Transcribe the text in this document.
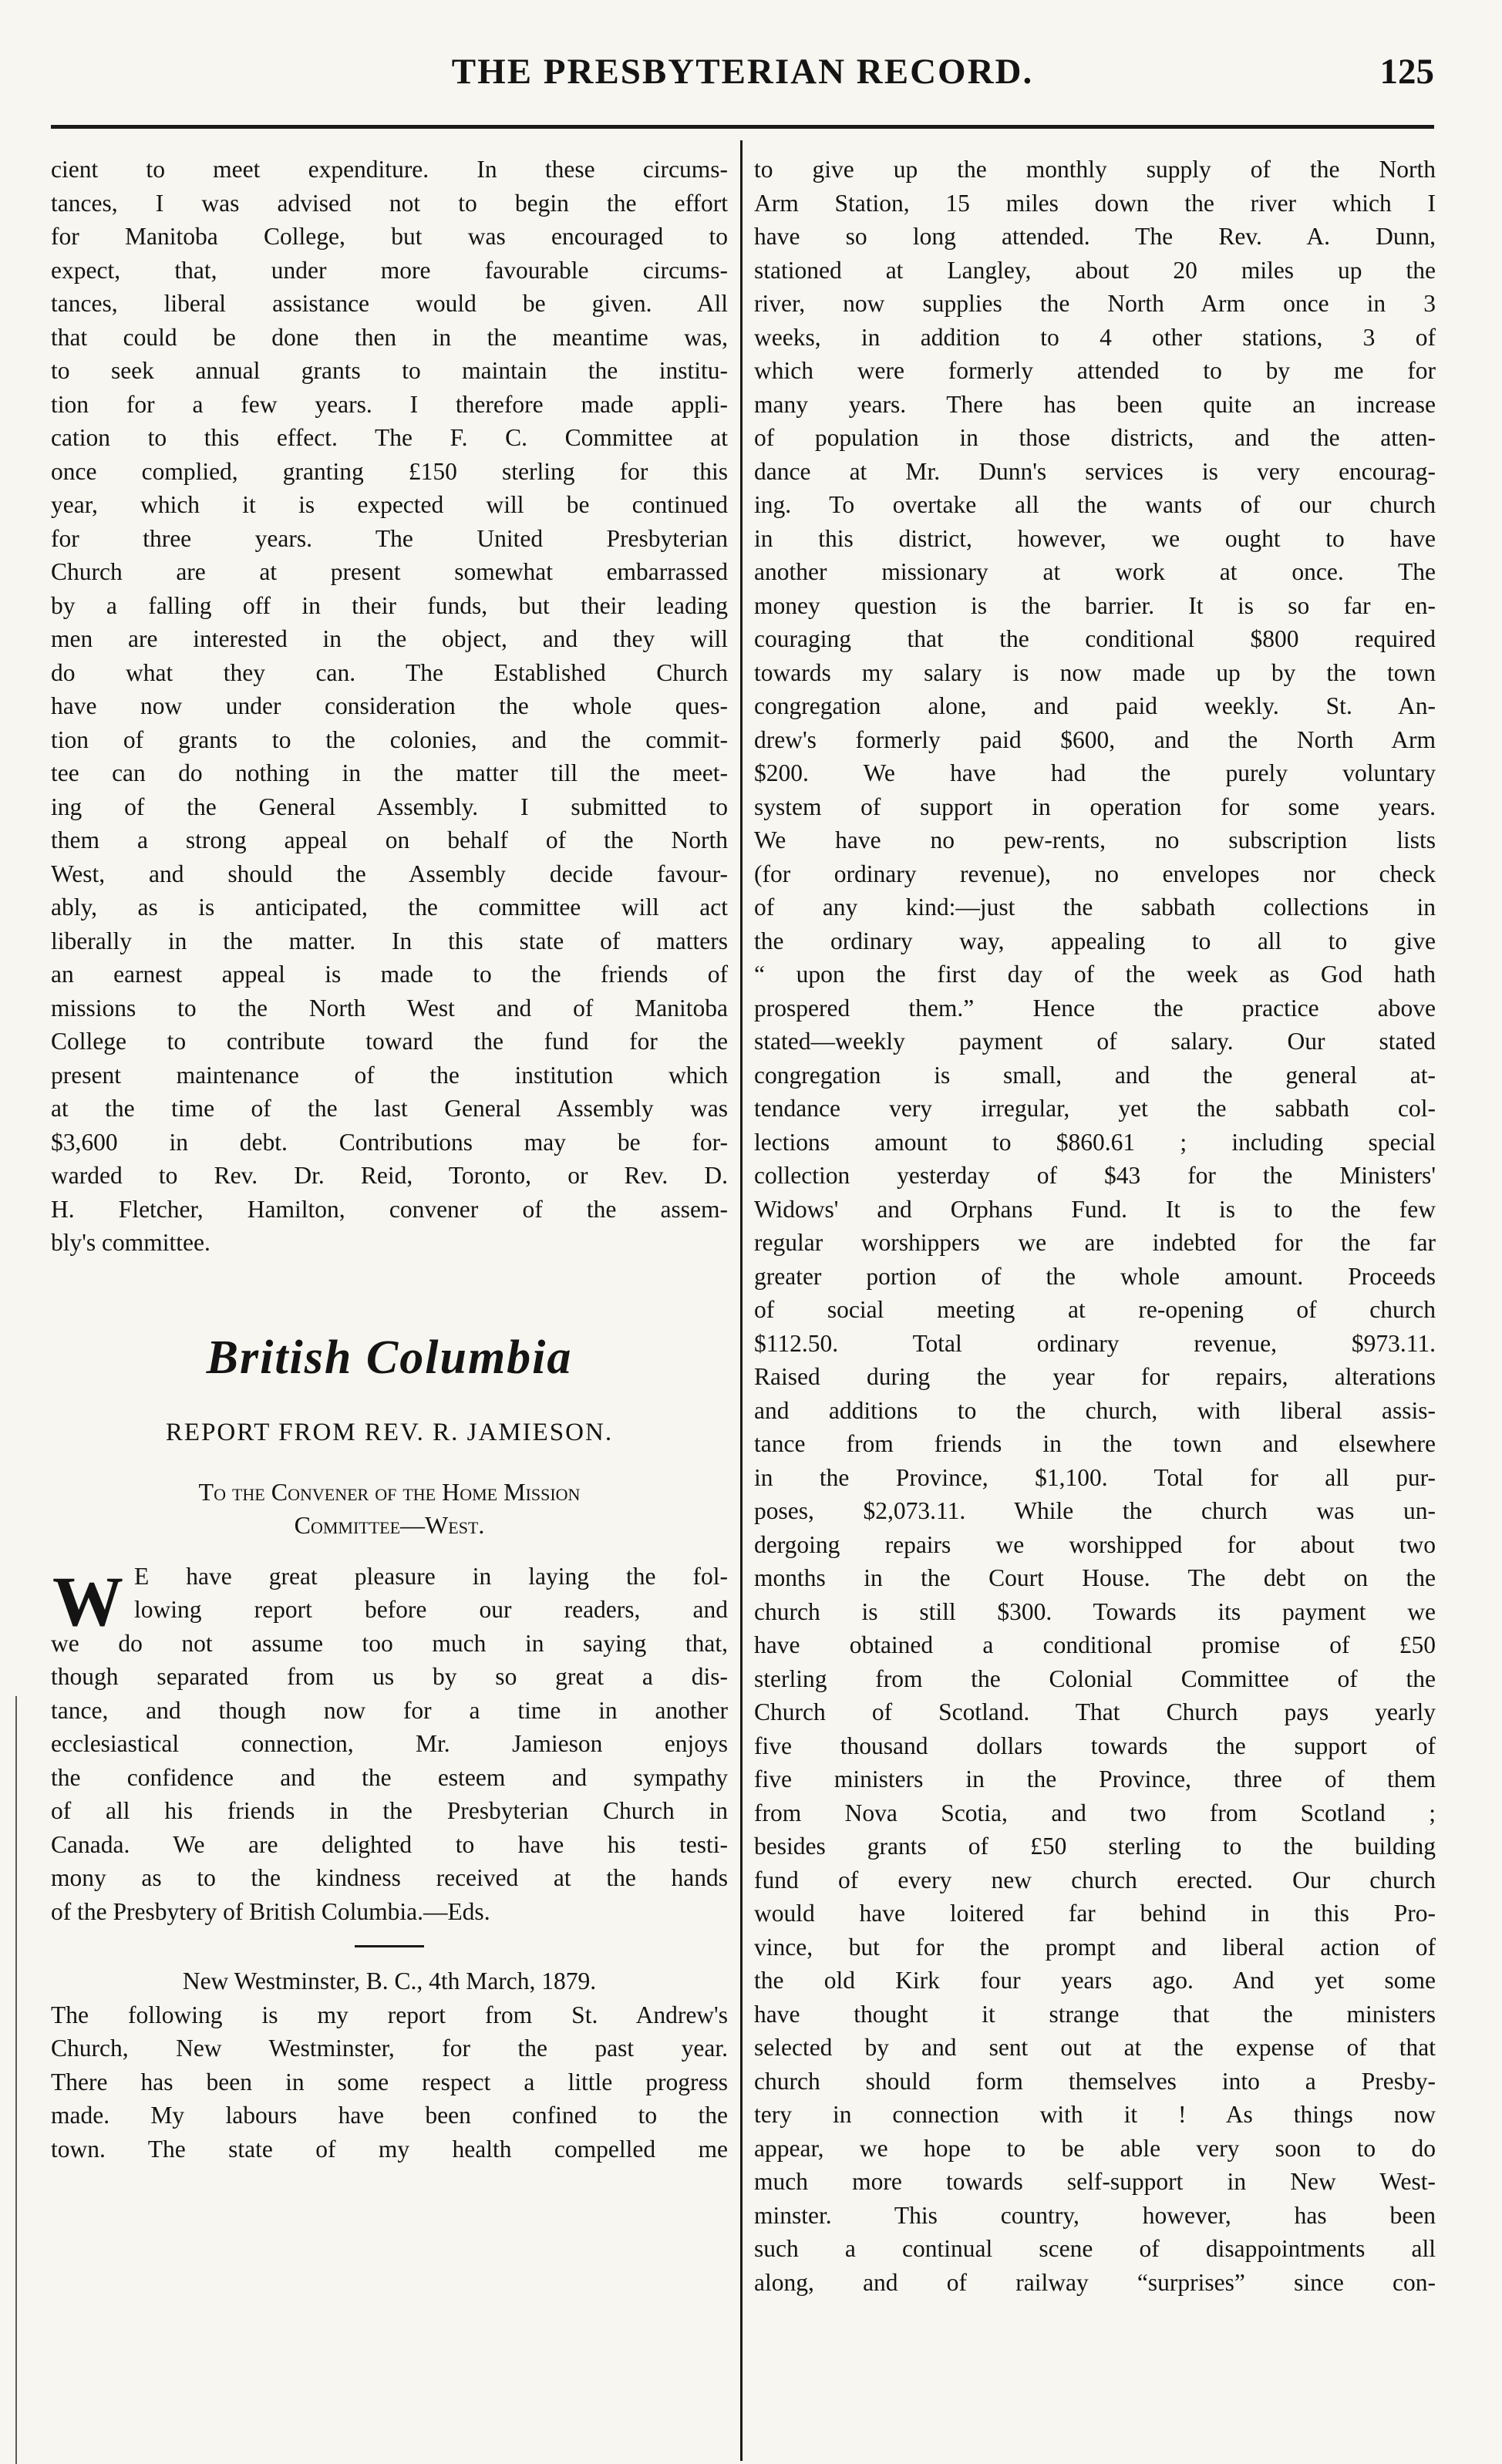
THE PRESBYTERIAN RECORD.	125
cient to meet expenditure. In these circums-
tances, I was advised not to begin the effort
for Manitoba College, but was encouraged to
expect, that, under more favourable circums-
tances, liberal assistance would be given. All
that could be done then in the meantime was,
to seek annual grants to maintain the institu-
tion for a few years. I therefore made appli-
cation to this effect. The F. C. Committee at
once complied, granting £150 sterling for this
year, which it is expected will be continued
for three years. The United Presbyterian
Church are at present somewhat embarrassed
by a falling off in their funds, but their leading
men are interested in the object, and they will
do what they can. The Established Church
have now under consideration the whole ques-
tion of grants to the colonies, and the commit-
tee can do nothing in the matter till the meet-
ing of the General Assembly. I submitted to
them a strong appeal on behalf of the North
West, and should the Assembly decide favour-
ably, as is anticipated, the committee will act
liberally in the matter. In this state of matters
an earnest appeal is made to the friends of
missions to the North West and of Manitoba
College to contribute toward the fund for the
present maintenance of the institution which
at the time of the last General Assembly was
$3,600 in debt. Contributions may be for-
warded to Rev. Dr. Reid, Toronto, or Rev. D.
H. Fletcher, Hamilton, convener of the assem-
bly's committee.
British Columbia
REPORT FROM REV. R. JAMIESON.
To the Convener of the Home Mission
Committee—West.
W E have great pleasure in laying the fol-
lowing report before our readers, and
we do not assume too much in saying that,
though separated from us by so great a dis-
tance, and though now for a time in another
ecclesiastical connection, Mr. Jamieson enjoys
the confidence and the esteem and sympathy
of all his friends in the Presbyterian Church in
Canada. We are delighted to have his testi-
mony as to the kindness received at the hands
of the Presbytery of British Columbia.—Eds.
New Westminster, B. C., 4th March, 1879.
The following is my report from St. Andrew's
Church, New Westminster, for the past year.
There has been in some respect a little progress
made. My labours have been confined to the
town. The state of my health compelled me
to give up the monthly supply of the North
Arm Station, 15 miles down the river which I
have so long attended. The Rev. A. Dunn,
stationed at Langley, about 20 miles up the
river, now supplies the North Arm once in 3
weeks, in addition to 4 other stations, 3 of
which were formerly attended to by me for
many years. There has been quite an increase
of population in those districts, and the atten-
dance at Mr. Dunn's services is very encourag-
ing. To overtake all the wants of our church
in this district, however, we ought to have
another missionary at work at once. The
money question is the barrier. It is so far en-
couraging that the conditional $800 required
towards my salary is now made up by the town
congregation alone, and paid weekly. St. An-
drew's formerly paid $600, and the North Arm
$200. We have had the purely voluntary
system of support in operation for some years.
We have no pew-rents, no subscription lists
(for ordinary revenue), no envelopes nor check
of any kind:—just the sabbath collections in
the ordinary way, appealing to all to give
“ upon the first day of the week as God hath
prospered them.” Hence the practice above
stated—weekly payment of salary. Our stated
congregation is small, and the general at-
tendance very irregular, yet the sabbath col-
lections amount to $860.61 ; including special
collection yesterday of $43 for the Ministers'
Widows' and Orphans Fund. It is to the few
regular worshippers we are indebted for the far
greater portion of the whole amount. Proceeds
of social meeting at re-opening of church
$112.50. Total ordinary revenue, $973.11.
Raised during the year for repairs, alterations
and additions to the church, with liberal assis-
tance from friends in the town and elsewhere
in the Province, $1,100. Total for all pur-
poses, $2,073.11. While the church was un-
dergoing repairs we worshipped for about two
months in the Court House. The debt on the
church is still $300. Towards its payment we
have obtained a conditional promise of £50
sterling from the Colonial Committee of the
Church of Scotland. That Church pays yearly
five thousand dollars towards the support of
five ministers in the Province, three of them
from Nova Scotia, and two from Scotland ;
besides grants of £50 sterling to the building
fund of every new church erected. Our church
would have loitered far behind in this Pro-
vince, but for the prompt and liberal action of
the old Kirk four years ago. And yet some
have thought it strange that the ministers
selected by and sent out at the expense of that
church should form themselves into a Presby-
tery in connection with it ! As things now
appear, we hope to be able very soon to do
much more towards self-support in New West-
minster. This country, however, has been
such a continual scene of disappointments all
along, and of railway “surprises” since con-
